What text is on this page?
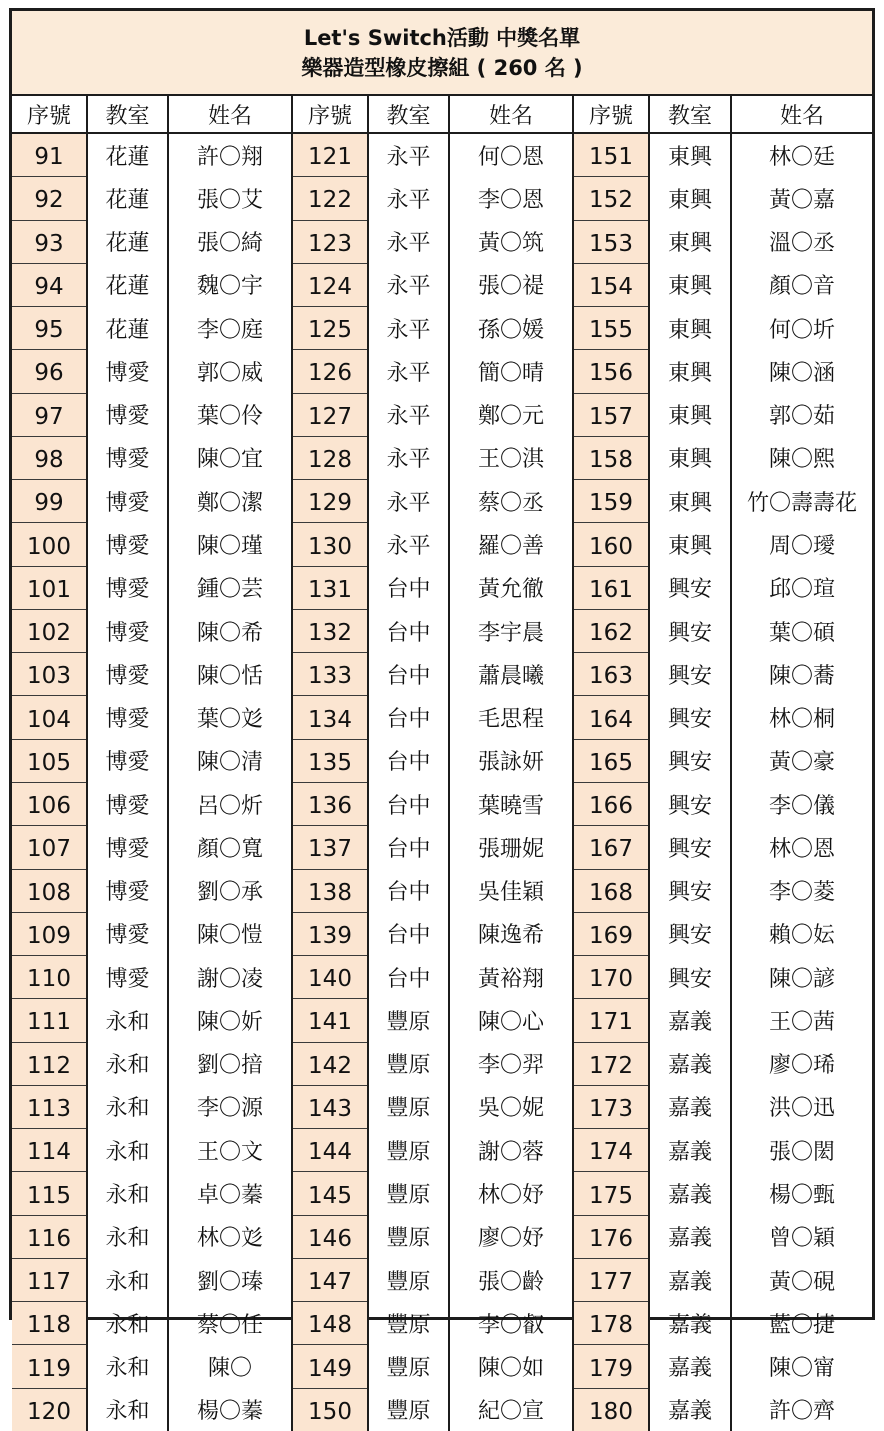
Let's Switch活動 中獎名單
樂器造型橡皮擦組 ( 260 名 )
序號	教室	姓名	序號	教室	姓名	序號	教室	姓名
91	花蓮	許〇翔	121	永平	何〇恩	151	東興	林〇廷
92	花蓮	張〇艾	122	永平	李〇恩	152	東興	黃〇嘉
93	花蓮	張〇綺	123	永平	黃〇筑	153	東興	溫〇丞
94	花蓮	魏〇宇	124	永平	張〇禔	154	東興	顏〇音
95	花蓮	李〇庭	125	永平	孫〇媛	155	東興	何〇圻
96	博愛	郭〇威	126	永平	簡〇晴	156	東興	陳〇涵
97	博愛	葉〇伶	127	永平	鄭〇元	157	東興	郭〇茹
98	博愛	陳〇宜	128	永平	王〇淇	158	東興	陳〇熙
99	博愛	鄭〇潔	129	永平	蔡〇丞	159	東興	竹〇壽壽花
100	博愛	陳〇瑾	130	永平	羅〇善	160	東興	周〇璦
101	博愛	鍾〇芸	131	台中	黃允徹	161	興安	邱〇瑄
102	博愛	陳〇希	132	台中	李宇晨	162	興安	葉〇碩
103	博愛	陳〇恬	133	台中	蕭晨曦	163	興安	陳〇蕎
104	博愛	葉〇彣	134	台中	毛思程	164	興安	林〇桐
105	博愛	陳〇清	135	台中	張詠妍	165	興安	黃〇豪
106	博愛	呂〇炘	136	台中	葉曉雪	166	興安	李〇儀
107	博愛	顏〇寬	137	台中	張珊妮	167	興安	林〇恩
108	博愛	劉〇承	138	台中	吳佳穎	168	興安	李〇菱
109	博愛	陳〇愷	139	台中	陳逸希	169	興安	賴〇妘
110	博愛	謝〇凌	140	台中	黃裕翔	170	興安	陳〇諺
111	永和	陳〇妡	141	豐原	陳〇心	171	嘉義	王〇茜
112	永和	劉〇揞	142	豐原	李〇羿	172	嘉義	廖〇琋
113	永和	李〇源	143	豐原	吳〇妮	173	嘉義	洪〇迅
114	永和	王〇文	144	豐原	謝〇蓉	174	嘉義	張〇閎
115	永和	卓〇蓁	145	豐原	林〇妤	175	嘉義	楊〇甄
116	永和	林〇彣	146	豐原	廖〇妤	176	嘉義	曾〇穎
117	永和	劉〇瑧	147	豐原	張〇齡	177	嘉義	黃〇硯
118	永和	蔡〇任	148	豐原	李〇叡	178	嘉義	藍〇捷
119	永和	陳〇	149	豐原	陳〇如	179	嘉義	陳〇甯
120	永和	楊〇蓁	150	豐原	紀〇宣	180	嘉義	許〇齊
